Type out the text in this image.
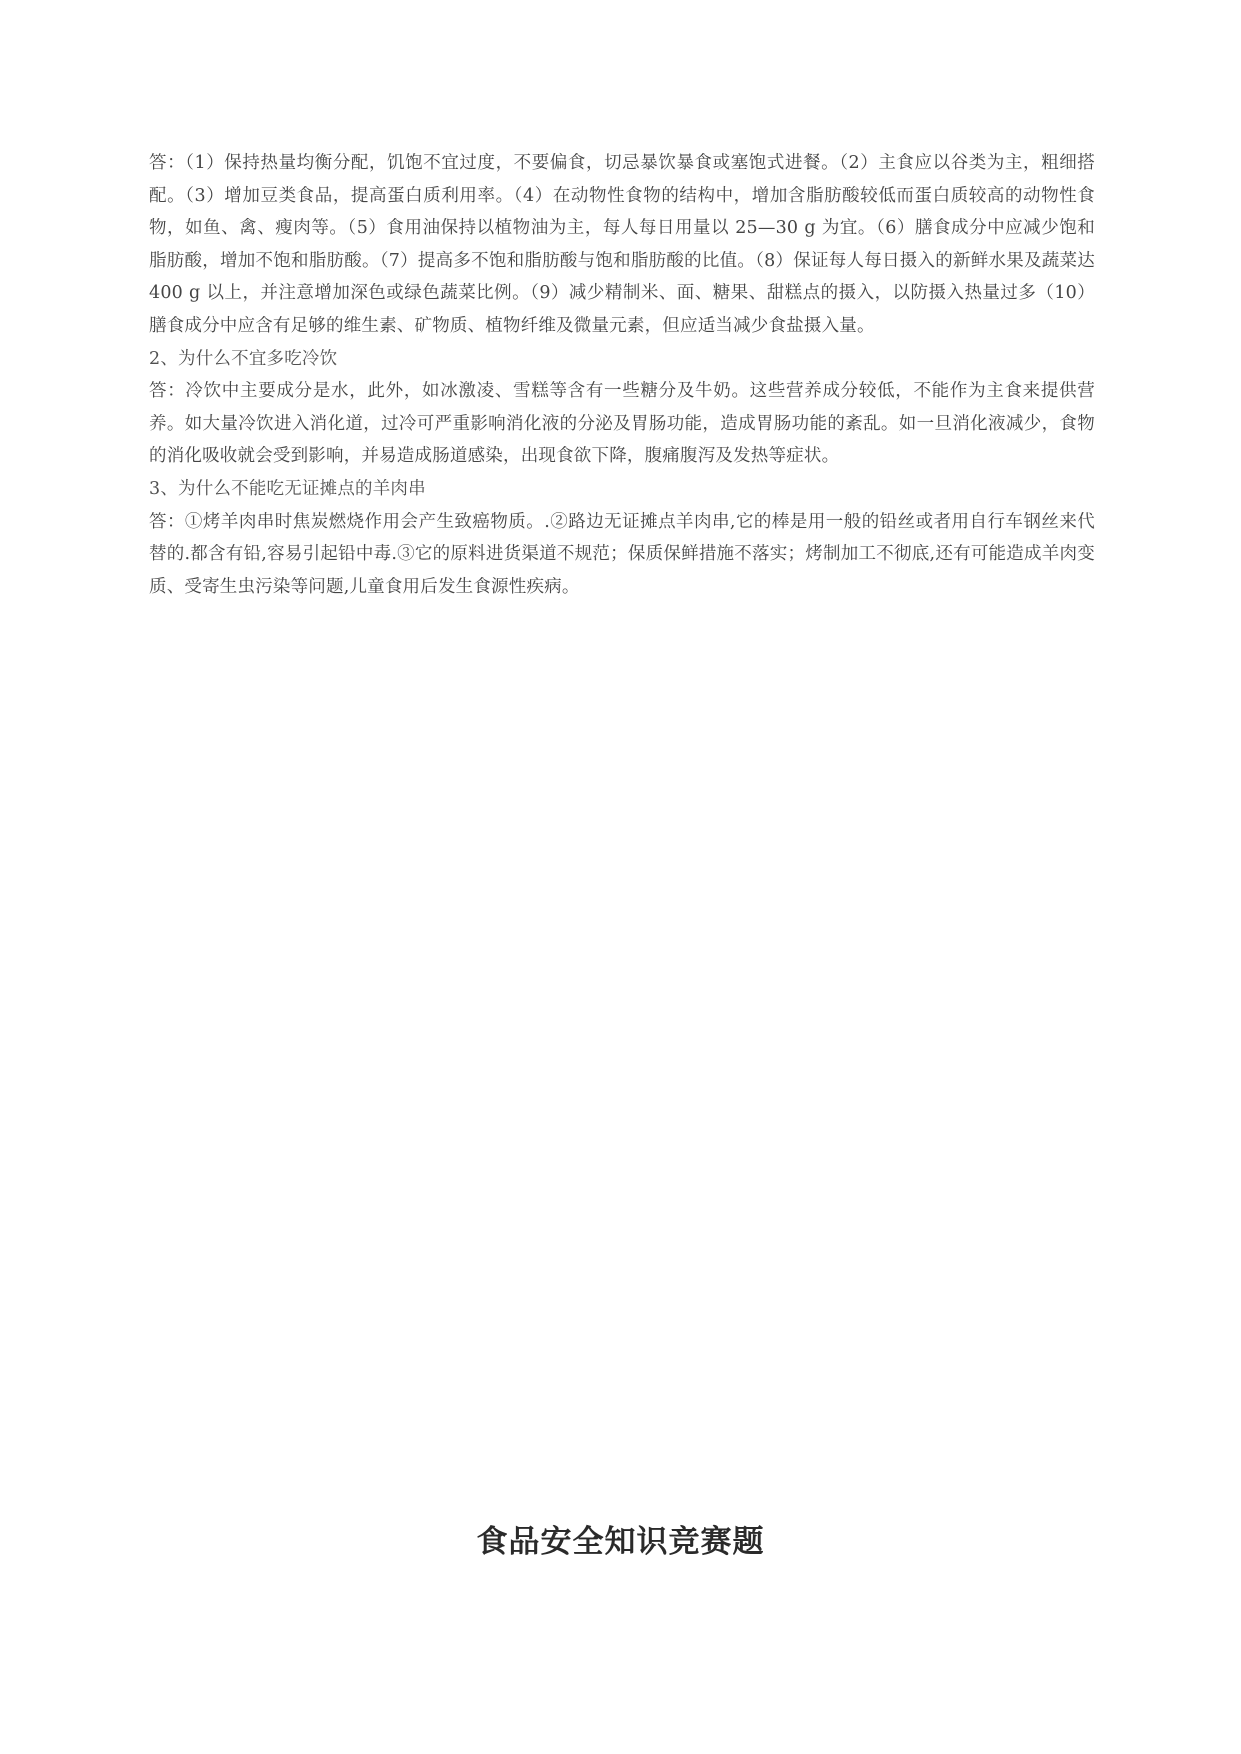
答：（1）保持热量均衡分配，饥饱不宜过度，不要偏食，切忌暴饮暴食或塞饱式进餐。（2）主食应以谷类为主，粗细搭配。（3）增加豆类食品，提高蛋白质利用率。（4）在动物性食物的结构中，增加含脂肪酸较低而蛋白质较高的动物性食物，如鱼、禽、瘦肉等。（5）食用油保持以植物油为主，每人每日用量以 25—30 g 为宜。（6）膳食成分中应减少饱和脂肪酸，增加不饱和脂肪酸。（7）提高多不饱和脂肪酸与饱和脂肪酸的比值。（8）保证每人每日摄入的新鲜水果及蔬菜达 400 g 以上，并注意增加深色或绿色蔬菜比例。（9）减少精制米、面、糖果、甜糕点的摄入，以防摄入热量过多（10）膳食成分中应含有足够的维生素、矿物质、植物纤维及微量元素，但应适当减少食盐摄入量。

2、为什么不宜多吃冷饮

答：冷饮中主要成分是水，此外，如冰激凌、雪糕等含有一些糖分及牛奶。这些营养成分较低，不能作为主食来提供营养。如大量冷饮进入消化道，过冷可严重影响消化液的分泌及胃肠功能，造成胃肠功能的紊乱。如一旦消化液减少，食物的消化吸收就会受到影响，并易造成肠道感染，出现食欲下降，腹痛腹泻及发热等症状。

3、为什么不能吃无证摊点的羊肉串

答：①烤羊肉串时焦炭燃烧作用会产生致癌物质。.②路边无证摊点羊肉串,它的棒是用一般的铅丝或者用自行车钢丝来代替的.都含有铅,容易引起铅中毒.③它的原料进货渠道不规范；保质保鲜措施不落实；烤制加工不彻底,还有可能造成羊肉变质、受寄生虫污染等问题,儿童食用后发生食源性疾病。

食品安全知识竞赛题
